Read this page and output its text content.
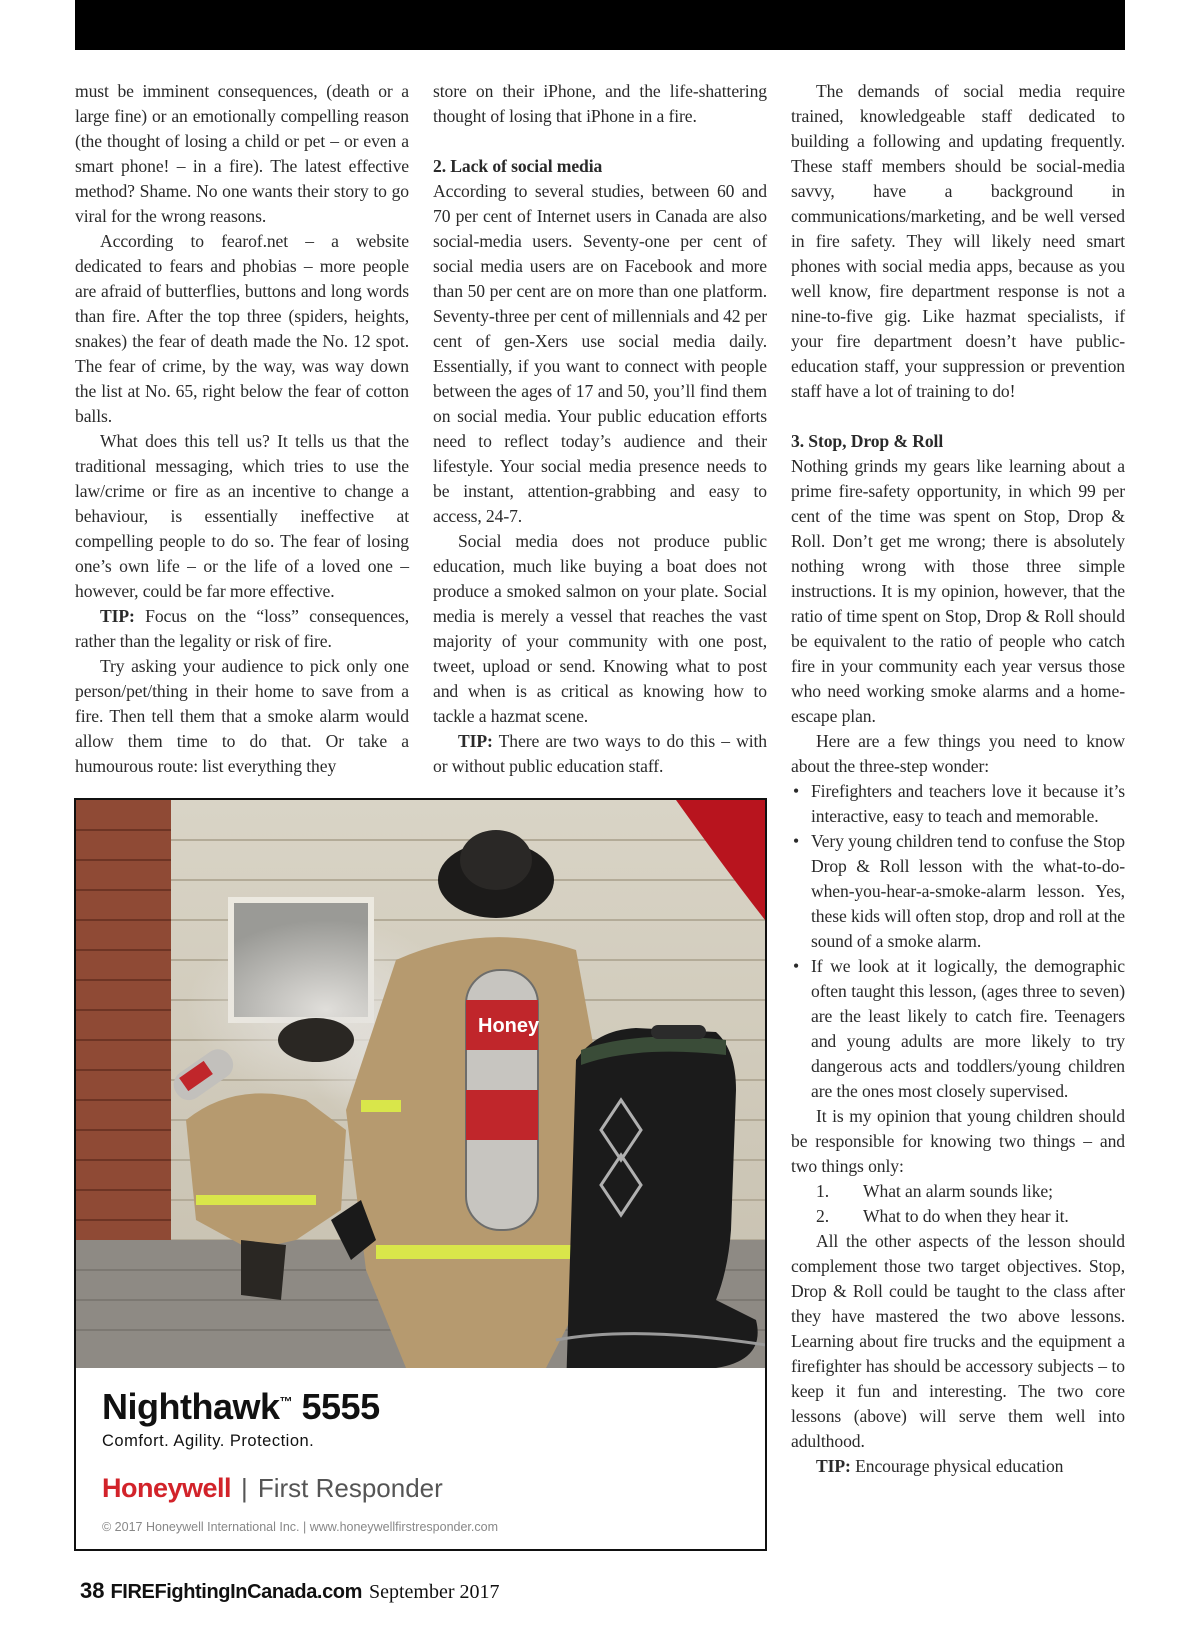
must be imminent consequences, (death or a large fine) or an emotionally compelling reason (the thought of losing a child or pet – or even a smart phone! – in a fire). The latest effective method? Shame. No one wants their story to go viral for the wrong reasons.

According to fearof.net – a website dedicated to fears and phobias – more people are afraid of butterflies, buttons and long words than fire. After the top three (spiders, heights, snakes) the fear of death made the No. 12 spot. The fear of crime, by the way, was way down the list at No. 65, right below the fear of cotton balls.

What does this tell us? It tells us that the traditional messaging, which tries to use the law/crime or fire as an incentive to change a behaviour, is essentially ineffective at compelling people to do so. The fear of losing one’s own life – or the life of a loved one – however, could be far more effective.

TIP: Focus on the “loss” consequences, rather than the legality or risk of fire.

Try asking your audience to pick only one person/pet/thing in their home to save from a fire. Then tell them that a smoke alarm would allow them time to do that. Or take a humourous route: list everything they

store on their iPhone, and the life-shattering thought of losing that iPhone in a fire.

2. Lack of social media

According to several studies, between 60 and 70 per cent of Internet users in Canada are also social-media users. Seventy-one per cent of social media users are on Facebook and more than 50 per cent are on more than one platform. Seventy-three per cent of millennials and 42 per cent of gen-Xers use social media daily. Essentially, if you want to connect with people between the ages of 17 and 50, you’ll find them on social media. Your public education efforts need to reflect today’s audience and their lifestyle. Your social media presence needs to be instant, attention-grabbing and easy to access, 24-7.

Social media does not produce public education, much like buying a boat does not produce a smoked salmon on your plate. Social media is merely a vessel that reaches the vast majority of your community with one post, tweet, upload or send. Knowing what to post and when is as critical as knowing how to tackle a hazmat scene.

TIP: There are two ways to do this – with or without public education staff.

The demands of social media require trained, knowledgeable staff dedicated to building a following and updating frequently. These staff members should be social-media savvy, have a background in communications/marketing, and be well versed in fire safety. They will likely need smart phones with social media apps, because as you well know, fire department response is not a nine-to-five gig. Like hazmat specialists, if your fire department doesn’t have public-education staff, your suppression or prevention staff have a lot of training to do!

3. Stop, Drop & Roll

Nothing grinds my gears like learning about a prime fire-safety opportunity, in which 99 per cent of the time was spent on Stop, Drop & Roll. Don’t get me wrong; there is absolutely nothing wrong with those three simple instructions. It is my opinion, however, that the ratio of time spent on Stop, Drop & Roll should be equivalent to the ratio of people who catch fire in your community each year versus those who need working smoke alarms and a home-escape plan.

Here are a few things you need to know about the three-step wonder:

• Firefighters and teachers love it because it’s interactive, easy to teach and memorable.
• Very young children tend to confuse the Stop Drop & Roll lesson with the what-to-do-when-you-hear-a-smoke-alarm lesson. Yes, these kids will often stop, drop and roll at the sound of a smoke alarm.
• If we look at it logically, the demographic often taught this lesson, (ages three to seven) are the least likely to catch fire. Teenagers and young adults are more likely to try dangerous acts and toddlers/young children are the ones most closely supervised.

It is my opinion that young children should be responsible for knowing two things – and two things only:

1. What an alarm sounds like;
2. What to do when they hear it.

All the other aspects of the lesson should complement those two target objectives. Stop, Drop & Roll could be taught to the class after they have mastered the two above lessons. Learning about fire trucks and the equipment a firefighter has should be accessory subjects – to keep it fun and interesting. The two core lessons (above) will serve them well into adulthood.

TIP: Encourage physical education

Honey
Nighthawk™ 5555
Comfort. Agility. Protection.
Honeywell | First Responder
© 2017 Honeywell International Inc. | www.honeywellfirstresponder.com
38 FIREFightingInCanada.com September 2017
